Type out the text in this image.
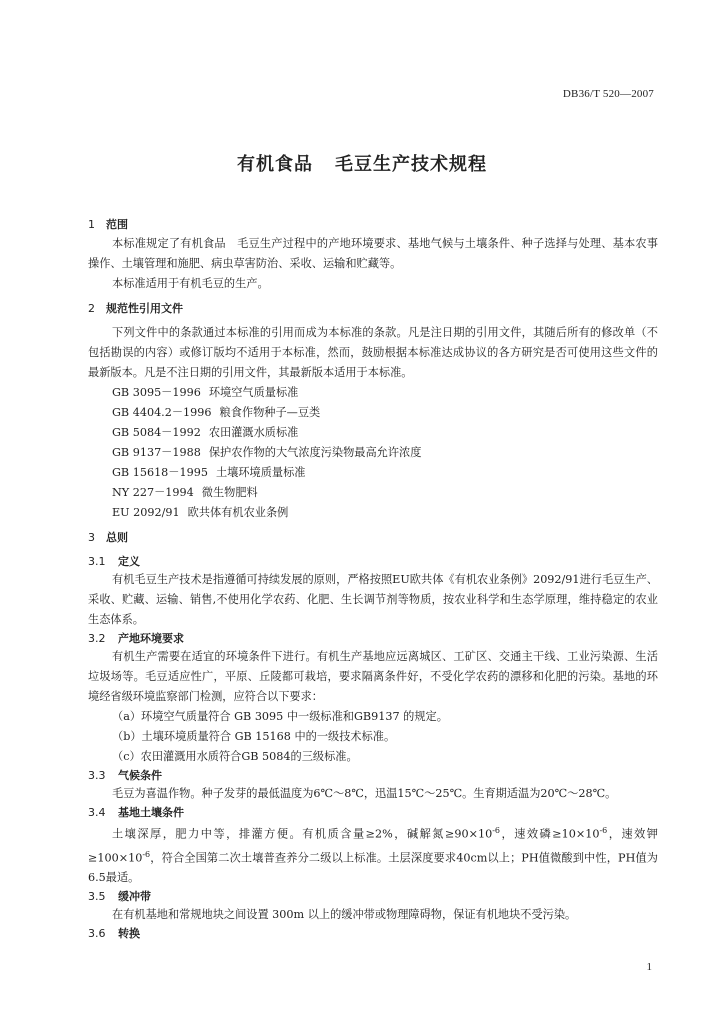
DB36/T 520—2007
有机食品 毛豆生产技术规程
1 范围

本标准规定了有机食品　毛豆生产过程中的产地环境要求、基地气候与土壤条件、种子选择与处理、基本农事操作、土壤管理和施肥、病虫草害防治、采收、运输和贮藏等。

本标准适用于有机毛豆的生产。

2 规范性引用文件

下列文件中的条款通过本标准的引用而成为本标准的条款。凡是注日期的引用文件，其随后所有的修改单（不包括勘误的内容）或修订版均不适用于本标准，然而，鼓励根据本标准达成协议的各方研究是否可使用这些文件的最新版本。凡是不注日期的引用文件，其最新版本适用于本标准。

GB 3095－1996 环境空气质量标准
GB 4404.2－1996 粮食作物种子—豆类
GB 5084－1992 农田灌溉水质标准
GB 9137－1988 保护农作物的大气浓度污染物最高允许浓度
GB 15618－1995 土壤环境质量标准
NY 227－1994 微生物肥料
EU 2092/91 欧共体有机农业条例
3 总则
3.1 定义

有机毛豆生产技术是指遵循可持续发展的原则，严格按照EU欧共体《有机农业条例》2092/91进行毛豆生产、采收、贮藏、运输、销售,不使用化学农药、化肥、生长调节剂等物质，按农业科学和生态学原理，维持稳定的农业生态体系。

3.2 产地环境要求

有机生产需要在适宜的环境条件下进行。有机生产基地应远离城区、工矿区、交通主干线、工业污染源、生活垃圾场等。毛豆适应性广，平原、丘陵都可栽培，要求隔离条件好，不受化学农药的漂移和化肥的污染。基地的环境经省级环境监察部门检测，应符合以下要求：

（a）环境空气质量符合 GB 3095 中一级标准和GB9137 的规定。
（b）土壤环境质量符合 GB 15168 中的一级技术标准。
（c）农田灌溉用水质符合GB 5084的三级标准。
3.3 气候条件

毛豆为喜温作物。种子发芽的最低温度为6℃～8℃，迅温15℃～25℃。生育期适温为20℃～28℃。

3.4 基地土壤条件

土壤深厚，肥力中等，排灌方便。有机质含量≥2%，碱解氮$\ge 90\times 10^{-6}$，速效磷$\ge 10\times 10^{-6}$，速效钾$\ge 100\times 10^{-6}$，符合全国第二次土壤普查养分二级以上标准。土层深度要求40cm以上；PH值微酸到中性，PH值为6.5最适。

3.5 缓冲带

在有机基地和常规地块之间设置 300m 以上的缓冲带或物理障碍物，保证有机地块不受污染。

3.6 转换
1
